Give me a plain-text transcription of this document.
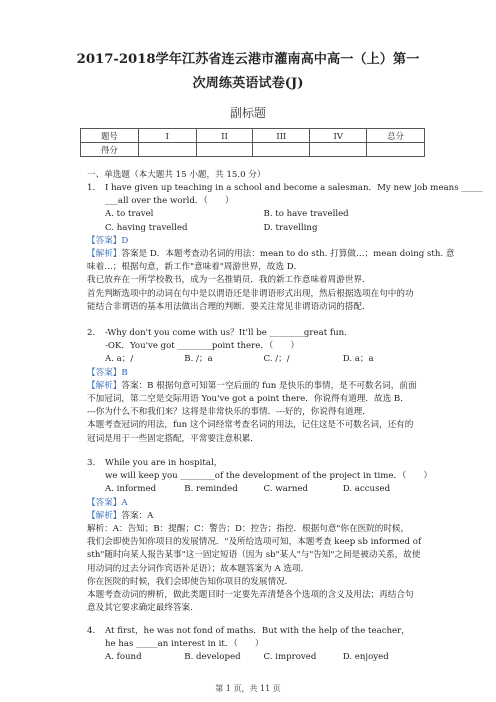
2017-2018学年江苏省连云港市灌南高中高一（上）第一
次周练英语试卷(J)
副标题
题号	I	II	III	IV	总分
得分					
一、单选题（本大题共 15 小题，共 15.0 分）
1. I have given up teaching in a school and become a salesman．My new job means _____
___all over the world．（　　）
A. to travel	B. to have travelled
C. having travelled	D. travelling
【答案】D
【解析】答案是 D．本题考查动名词的用法：mean to do sth. 打算做…；mean doing sth. 意
味着…；根据句意，新工作"意味着"周游世界，故选 D．
我已放弃在一所学校教书，成为一名推销员．我的新工作意味着周游世界．
首先判断选项中的动词在句中是以谓语还是非谓语形式出现，然后根据选项在句中的功
能结合非谓语的基本用法做出合理的判断．要关注常见非谓语动词的搭配．
2. -Why don't you come with us？It'll be ________great fun．
-OK．You've got ________point there．（　　）
A. a；/	B. /；a	C. /；/	D. a；a
【答案】B
【解析】答案：B 根据句意可知第一空后面的 fun 是快乐的事情，是不可数名词，前面
不加冠词，第二空是交际用语 You've got a point there．你说得有道理．故选 B．
---你为什么不和我们来？这将是非常快乐的事情．---好的，你说得有道理．
本题考查冠词的用法，fun 这个词经常考查名词的用法，记住这是不可数名词，还有的
冠词是用于一些固定搭配，平常要注意积累．
3. While you are in hospital，
we will keep you ________of the development of the project in time．（　　）
A. informed	B. reminded	C. warned	D. accused
【答案】A
【解析】答案：A
解析：A：告知；B：提醒；C：警告；D：控告；指控．根据句意"你在医院的时候，
我们会即使告知你项目的发展情况．"及所给选项可知，本题考查 keep sb informed of
sth"随时向某人报告某事"这一固定短语（因为 sb"某人"与"告知"之间是被动关系，故使
用动词的过去分词作宾语补足语）；故本题答案为 A 选项．
你在医院的时候，我们会即使告知你项目的发展情况．
本题考查动词的辨析，做此类题目时一定要先弄清楚各个选项的含义及用法；再结合句
意及其它要求确定最终答案．
4. At first，he was not fond of maths．But with the help of the teacher，
he has _____an interest in it．（　　）
A. found	B. developed	C. improved	D. enjoyed
第 1 页，共 11 页
